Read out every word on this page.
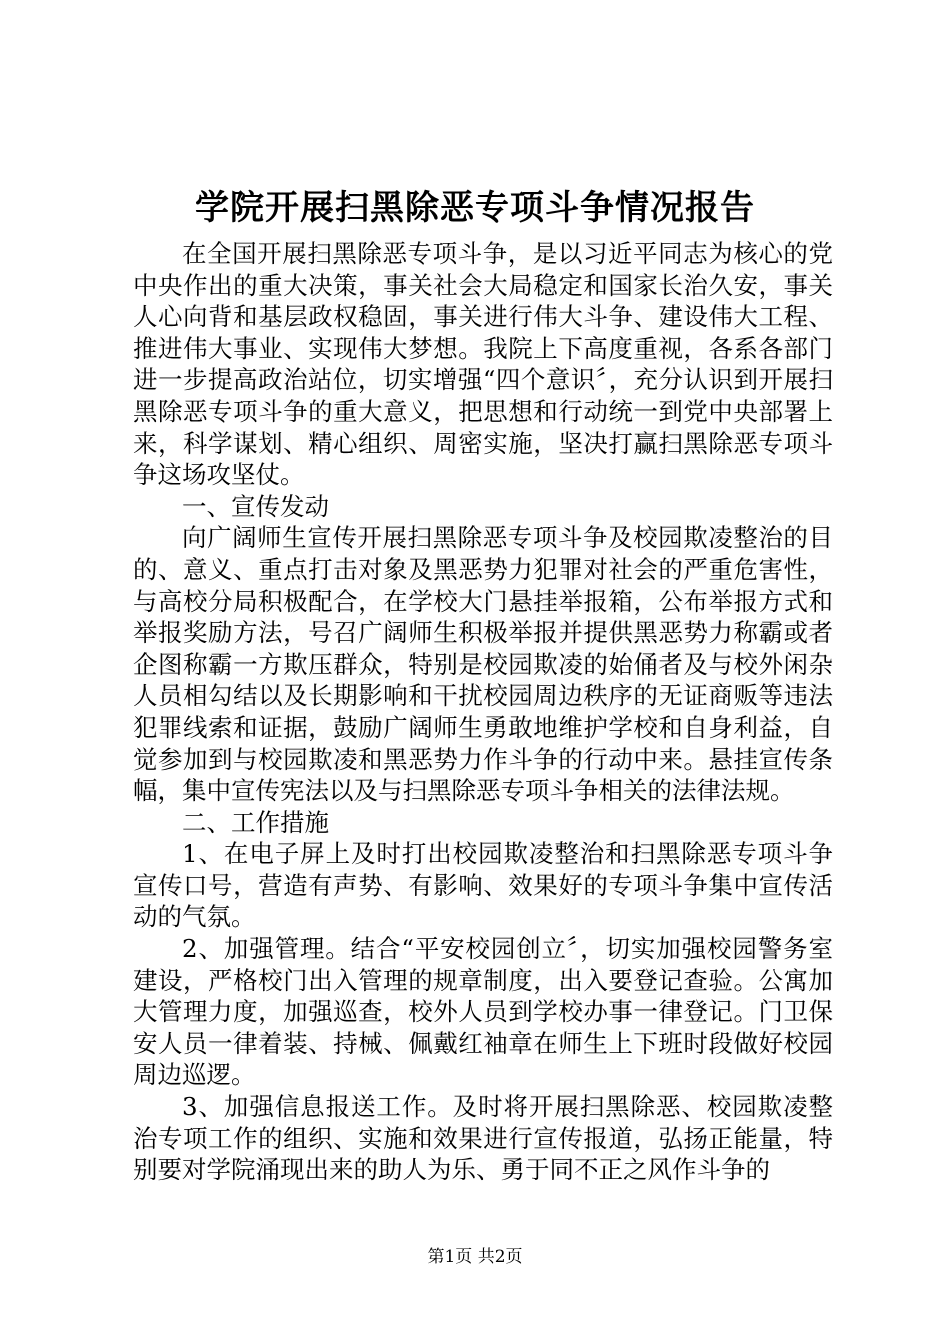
学院开展扫黑除恶专项斗争情况报告

在全国开展扫黑除恶专项斗争，是以习近平同志为核心的党中央作出的重大决策，事关社会大局稳定和国家长治久安，事关人心向背和基层政权稳固，事关进行伟大斗争、建设伟大工程、推进伟大事业、实现伟大梦想。我院上下高度重视，各系各部门进一步提高政治站位，切实增强“四个意识〞，充分认识到开展扫黑除恶专项斗争的重大意义，把思想和行动统一到党中央部署上来，科学谋划、精心组织、周密实施，坚决打赢扫黑除恶专项斗争这场攻坚仗。

一、宣传发动

向广阔师生宣传开展扫黑除恶专项斗争及校园欺凌整治的目的、意义、重点打击对象及黑恶势力犯罪对社会的严重危害性，与高校分局积极配合，在学校大门悬挂举报箱，公布举报方式和举报奖励方法，号召广阔师生积极举报并提供黑恶势力称霸或者企图称霸一方欺压群众，特别是校园欺凌的始俑者及与校外闲杂人员相勾结以及长期影响和干扰校园周边秩序的无证商贩等违法犯罪线索和证据，鼓励广阔师生勇敢地维护学校和自身利益，自觉参加到与校园欺凌和黑恶势力作斗争的行动中来。悬挂宣传条幅，集中宣传宪法以及与扫黑除恶专项斗争相关的法律法规。

二、工作措施

1、在电子屏上及时打出校园欺凌整治和扫黑除恶专项斗争宣传口号，营造有声势、有影响、效果好的专项斗争集中宣传活动的气氛。

2、加强管理。结合“平安校园创立〞，切实加强校园警务室建设，严格校门出入管理的规章制度，出入要登记查验。公寓加大管理力度，加强巡查，校外人员到学校办事一律登记。门卫保安人员一律着装、持械、佩戴红袖章在师生上下班时段做好校园周边巡逻。

3、加强信息报送工作。及时将开展扫黑除恶、校园欺凌整治专项工作的组织、实施和效果进行宣传报道，弘扬正能量，特别要对学院涌现出来的助人为乐、勇于同不正之风作斗争的

第1页 共2页
